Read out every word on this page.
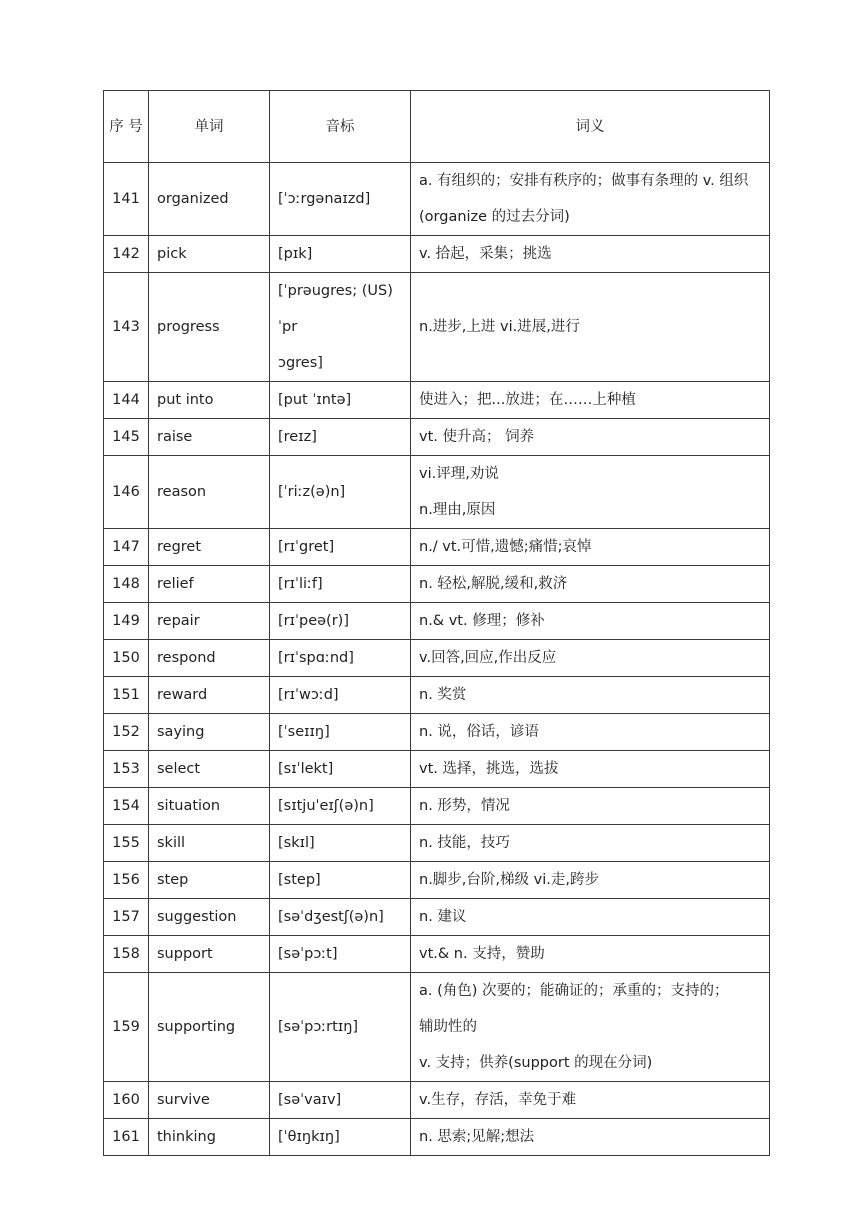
序 号	单词	音标	词义
141	organized	[ˈɔːrgənaɪzd]	a. 有组织的；安排有秩序的；做事有条理的 v. 组织
(organize 的过去分词)

142	pick	[pɪk]	v. 拾起，采集；挑选

143	progress	[ˈprəugres; (US) ˈpr
ɔgres]	n.进步,上进 vi.进展,进行

144	put into	[put ˈɪntə]	使进入；把...放进；在……上种植

145	raise	[reɪz]	vt. 使升高； 饲养

146	reason	[ˈriːz(ə)n]	vi.评理,劝说
n.理由,原因

147	regret	[rɪˈgret]	n./ vt.可惜,遗憾;痛惜;哀悼

148	relief	[rɪˈliːf]	n. 轻松,解脱,缓和,救济

149	repair	[rɪˈpeə(r)]	n.& vt. 修理；修补

150	respond	[rɪˈspɑːnd]	v.回答,回应,作出反应

151	reward	[rɪˈwɔːd]	n. 奖赏

152	saying	[ˈseɪɪŋ]	n. 说，俗话，谚语

153	select	[sɪˈlekt]	vt. 选择，挑选，选拔

154	situation	[sɪtjuˈeɪʃ(ə)n]	n. 形势，情况

155	skill	[skɪl]	n. 技能，技巧

156	step	[step]	n.脚步,台阶,梯级 vi.走,跨步

157	suggestion	[səˈdʒestʃ(ə)n]	n. 建议

158	support	[səˈpɔːt]	vt.& n. 支持，赞助

159	supporting	[səˈpɔːrtɪŋ]	a. (角色) 次要的；能确证的；承重的；支持的；
辅助性的
v. 支持；供养(support 的现在分词)

160	survive	[səˈvaɪv]	v.生存，存活，幸免于难

161	thinking	[ˈθɪŋkɪŋ]	n. 思索;见解;想法
